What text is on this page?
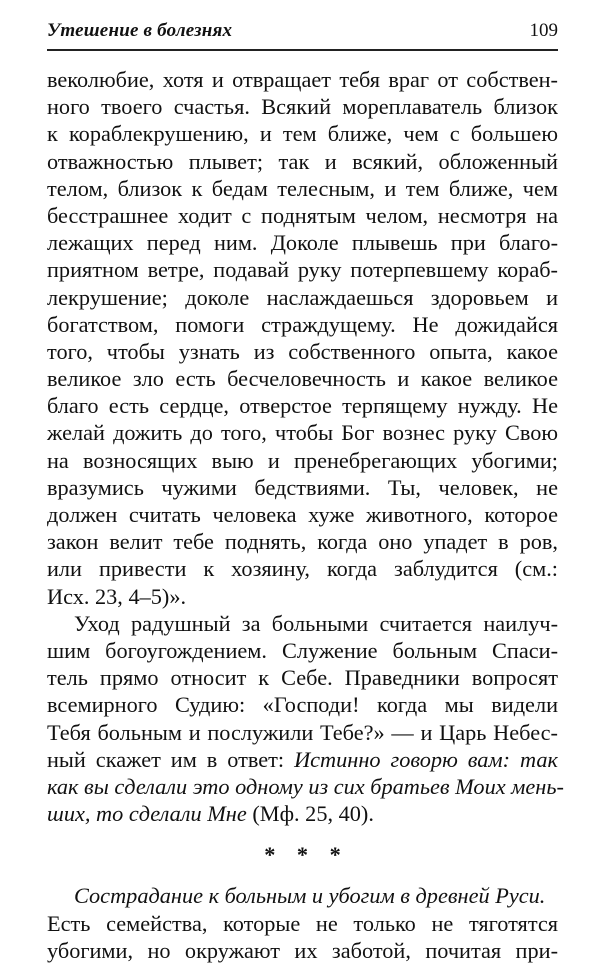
Утешение в болезнях	109
веколюбие, хотя и отвращает тебя враг от собствен-
ного твоего счастья. Всякий мореплаватель близок
к кораблекрушению, и тем ближе, чем с большею
отважностью плывет; так и всякий, обложенный
телом, близок к бедам телесным, и тем ближе, чем
бесстрашнее ходит с поднятым челом, несмотря на
лежащих перед ним. Доколе плывешь при благо-
приятном ветре, подавай руку потерпевшему кораб-
лекрушение; доколе наслаждаешься здоровьем и
богатством, помоги страждущему. Не дожидайся
того, чтобы узнать из собственного опыта, какое
великое зло есть бесчеловечность и какое великое
благо есть сердце, отверстое терпящему нужду. Не
желай дожить до того, чтобы Бог вознес руку Свою
на возносящих выю и пренебрегающих убогими;
вразумись чужими бедствиями. Ты, человек, не
должен считать человека хуже животного, которое
закон велит тебе поднять, когда оно упадет в ров,
или привести к хозяину, когда заблудится (см.:
Исх. 23, 4–5)».
Уход радушный за больными считается наилуч-
шим богоугождением. Служение больным Спаси-
тель прямо относит к Себе. Праведники вопросят
всемирного Судию: «Господи! когда мы видели
Тебя больным и послужили Тебе?» — и Царь Небес-
ный скажет им в ответ: Истинно говорю вам: так
как вы сделали это одному из сих братьев Моих мень-
ших, то сделали Мне (Мф. 25, 40).
* * *
Сострадание к больным и убогим в древней Руси.
Есть семейства, которые не только не тяготятся
убогими, но окружают их заботой, почитая при-
